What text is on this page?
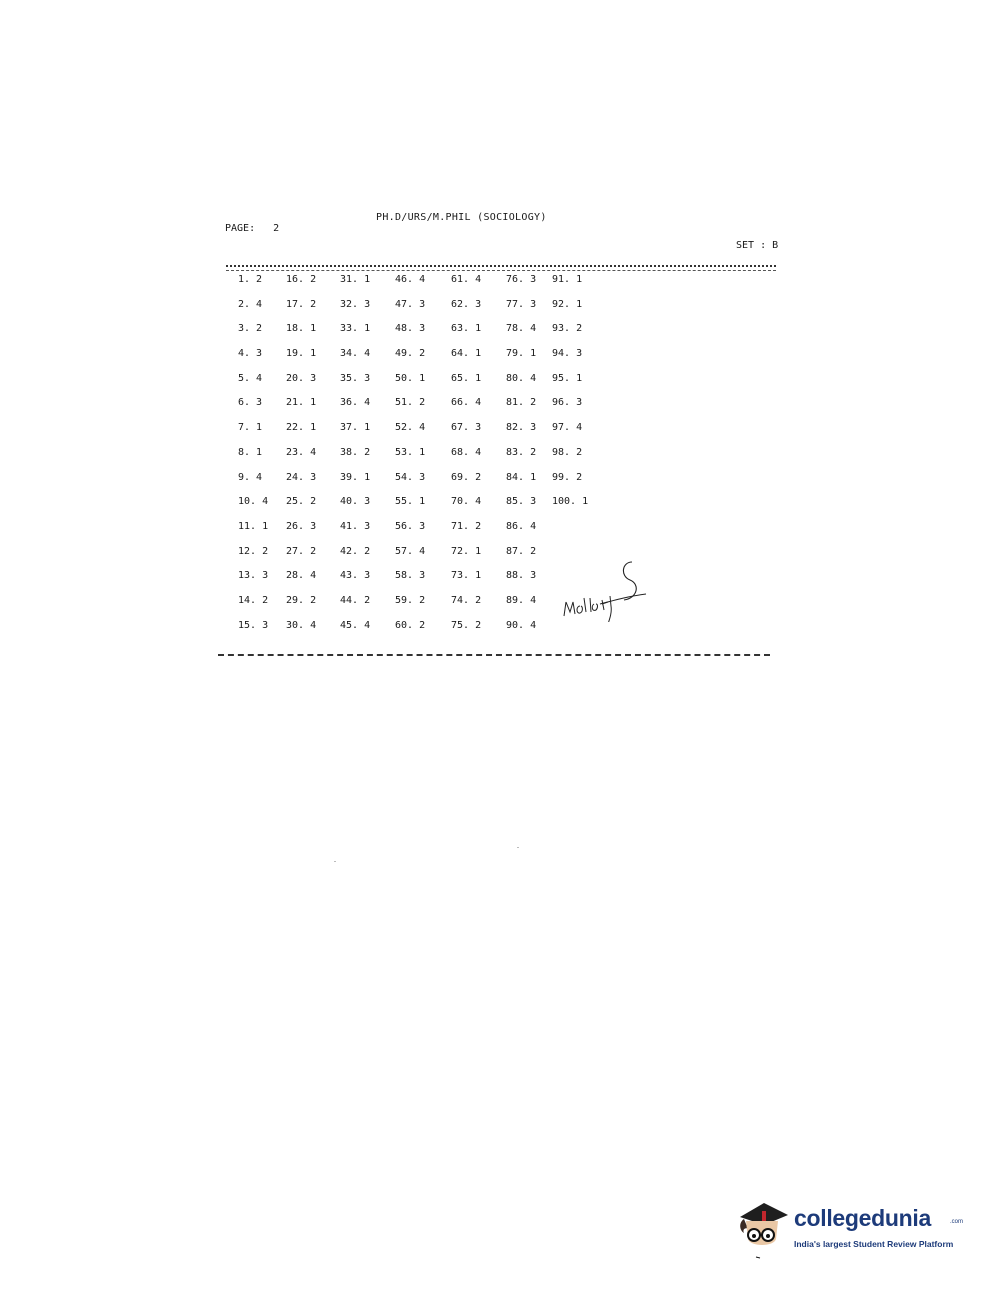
PH.D/URS/M.PHIL (SOCIOLOGY)
PAGE: 2
SET : B
1. 2
2. 4
3. 2
4. 3
5. 4
6. 3
7. 1
8. 1
9. 4
10. 4
11. 1
12. 2
13. 3
14. 2
15. 3
16. 2
17. 2
18. 1
19. 1
20. 3
21. 1
22. 1
23. 4
24. 3
25. 2
26. 3
27. 2
28. 4
29. 2
30. 4
31. 1
32. 3
33. 1
34. 4
35. 3
36. 4
37. 1
38. 2
39. 1
40. 3
41. 3
42. 2
43. 3
44. 2
45. 4
46. 4
47. 3
48. 3
49. 2
50. 1
51. 2
52. 4
53. 1
54. 3
55. 1
56. 3
57. 4
58. 3
59. 2
60. 2
61. 4
62. 3
63. 1
64. 1
65. 1
66. 4
67. 3
68. 4
69. 2
70. 4
71. 2
72. 1
73. 1
74. 2
75. 2
76. 3
77. 3
78. 4
79. 1
80. 4
81. 2
82. 3
83. 2
84. 1
85. 3
86. 4
87. 2
88. 3
89. 4
90. 4
91. 1
92. 1
93. 2
94. 3
95. 1
96. 3
97. 4
98. 2
99. 2
100. 1
collegedunia	.com
India's largest Student Review Platform
